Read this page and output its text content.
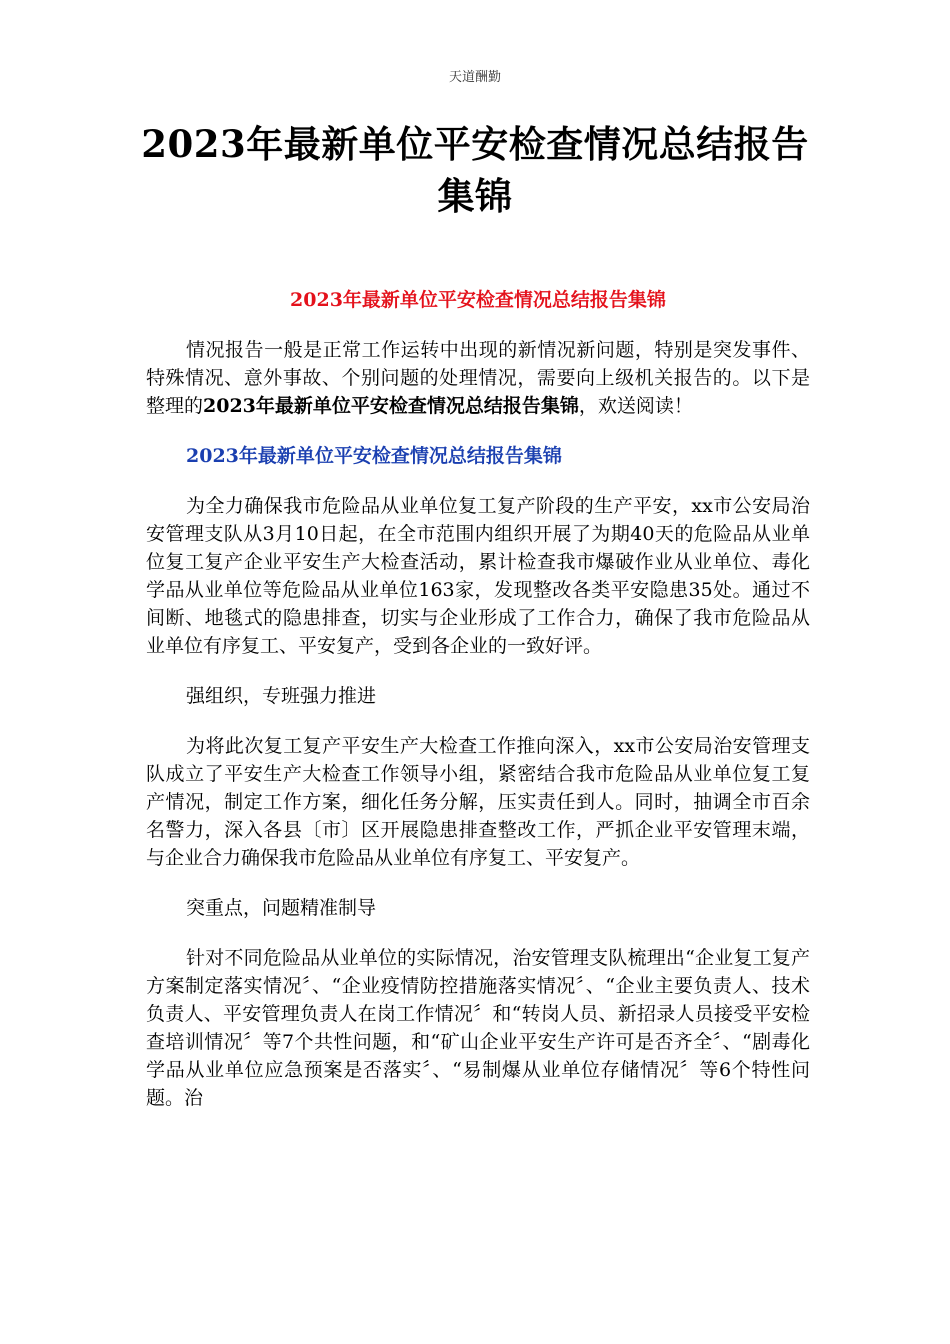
天道酬勤
2023年最新单位平安检查情况总结报告
集锦
2023年最新单位平安检查情况总结报告集锦

情况报告一般是正常工作运转中出现的新情况新问题，特别是突发事件、特殊情况、意外事故、个别问题的处理情况，需要向上级机关报告的。以下是整理的2023年最新单位平安检查情况总结报告集锦，欢送阅读！

2023年最新单位平安检查情况总结报告集锦

为全力确保我市危险品从业单位复工复产阶段的生产平安，xx市公安局治安管理支队从3月10日起，在全市范围内组织开展了为期40天的危险品从业单位复工复产企业平安生产大检查活动，累计检查我市爆破作业从业单位、毒化学品从业单位等危险品从业单位163家，发现整改各类平安隐患35处。通过不间断、地毯式的隐患排查，切实与企业形成了工作合力，确保了我市危险品从业单位有序复工、平安复产，受到各企业的一致好评。

强组织，专班强力推进

为将此次复工复产平安生产大检查工作推向深入，xx市公安局治安管理支队成立了平安生产大检查工作领导小组，紧密结合我市危险品从业单位复工复产情况，制定工作方案，细化任务分解，压实责任到人。同时，抽调全市百余名警力，深入各县〔市〕区开展隐患排查整改工作，严抓企业平安管理末端，与企业合力确保我市危险品从业单位有序复工、平安复产。

突重点，问题精准制导

针对不同危险品从业单位的实际情况，治安管理支队梳理出“企业复工复产方案制定落实情况〞、“企业疫情防控措施落实情况〞、“企业主要负责人、技术负责人、平安管理负责人在岗工作情况〞和“转岗人员、新招录人员接受平安检查培训情况〞等7个共性问题，和“矿山企业平安生产许可是否齐全〞、“剧毒化学品从业单位应急预案是否落实〞、“易制爆从业单位存储情况〞等6个特性问题。治
